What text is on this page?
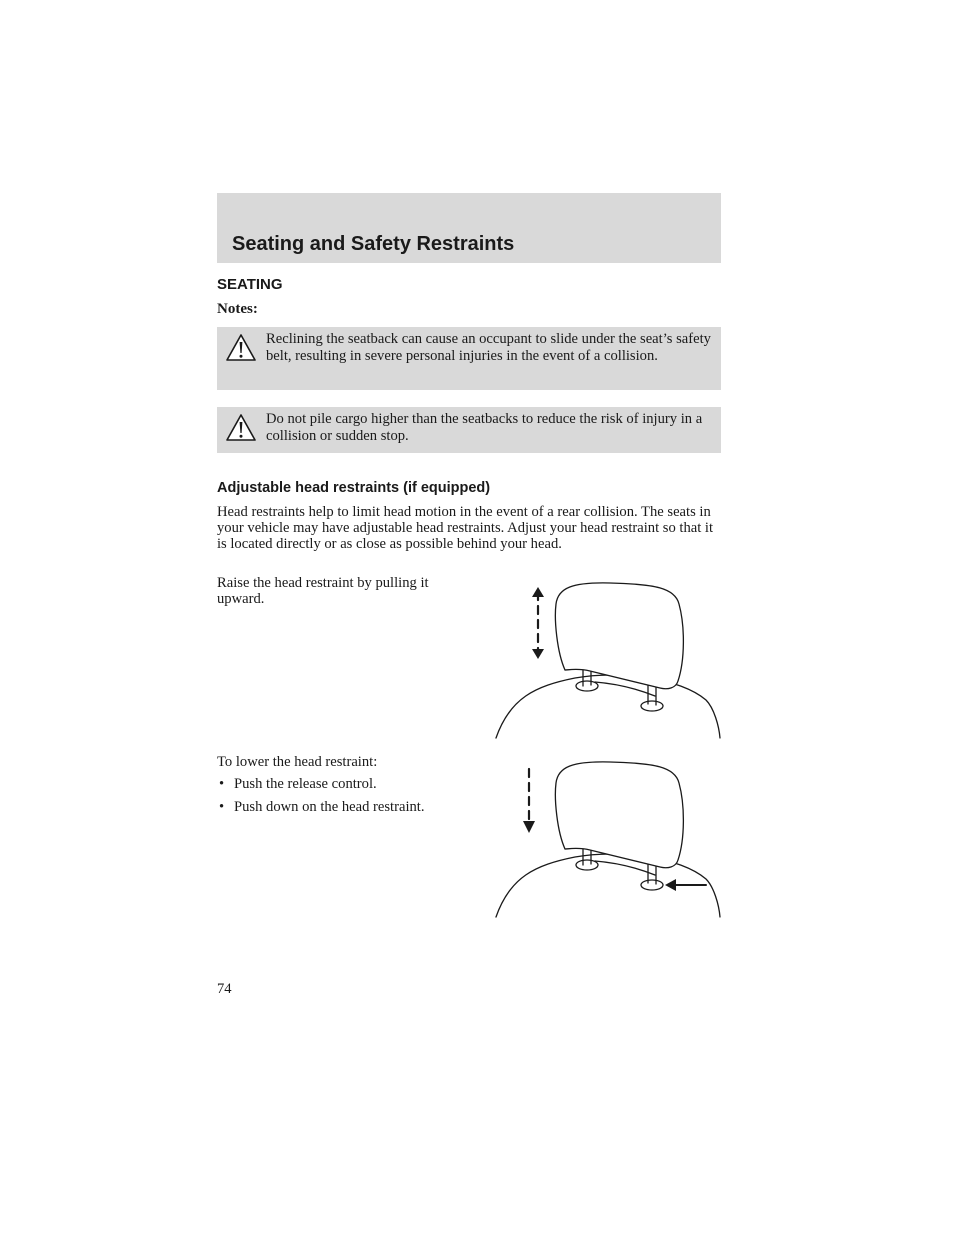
Seating and Safety Restraints
SEATING
Notes:
Reclining the seatback can cause an occupant to slide under the seat’s safety belt, resulting in severe personal injuries in the event of a collision.
Do not pile cargo higher than the seatbacks to reduce the risk of injury in a collision or sudden stop.
Adjustable head restraints (if equipped)
Head restraints help to limit head motion in the event of a rear collision. The seats in your vehicle may have adjustable head restraints. Adjust your head restraint so that it is located directly or as close as possible behind your head.
Raise the head restraint by pulling it upward.
To lower the head restraint:
• Push the release control.
• Push down on the head restraint.
74
